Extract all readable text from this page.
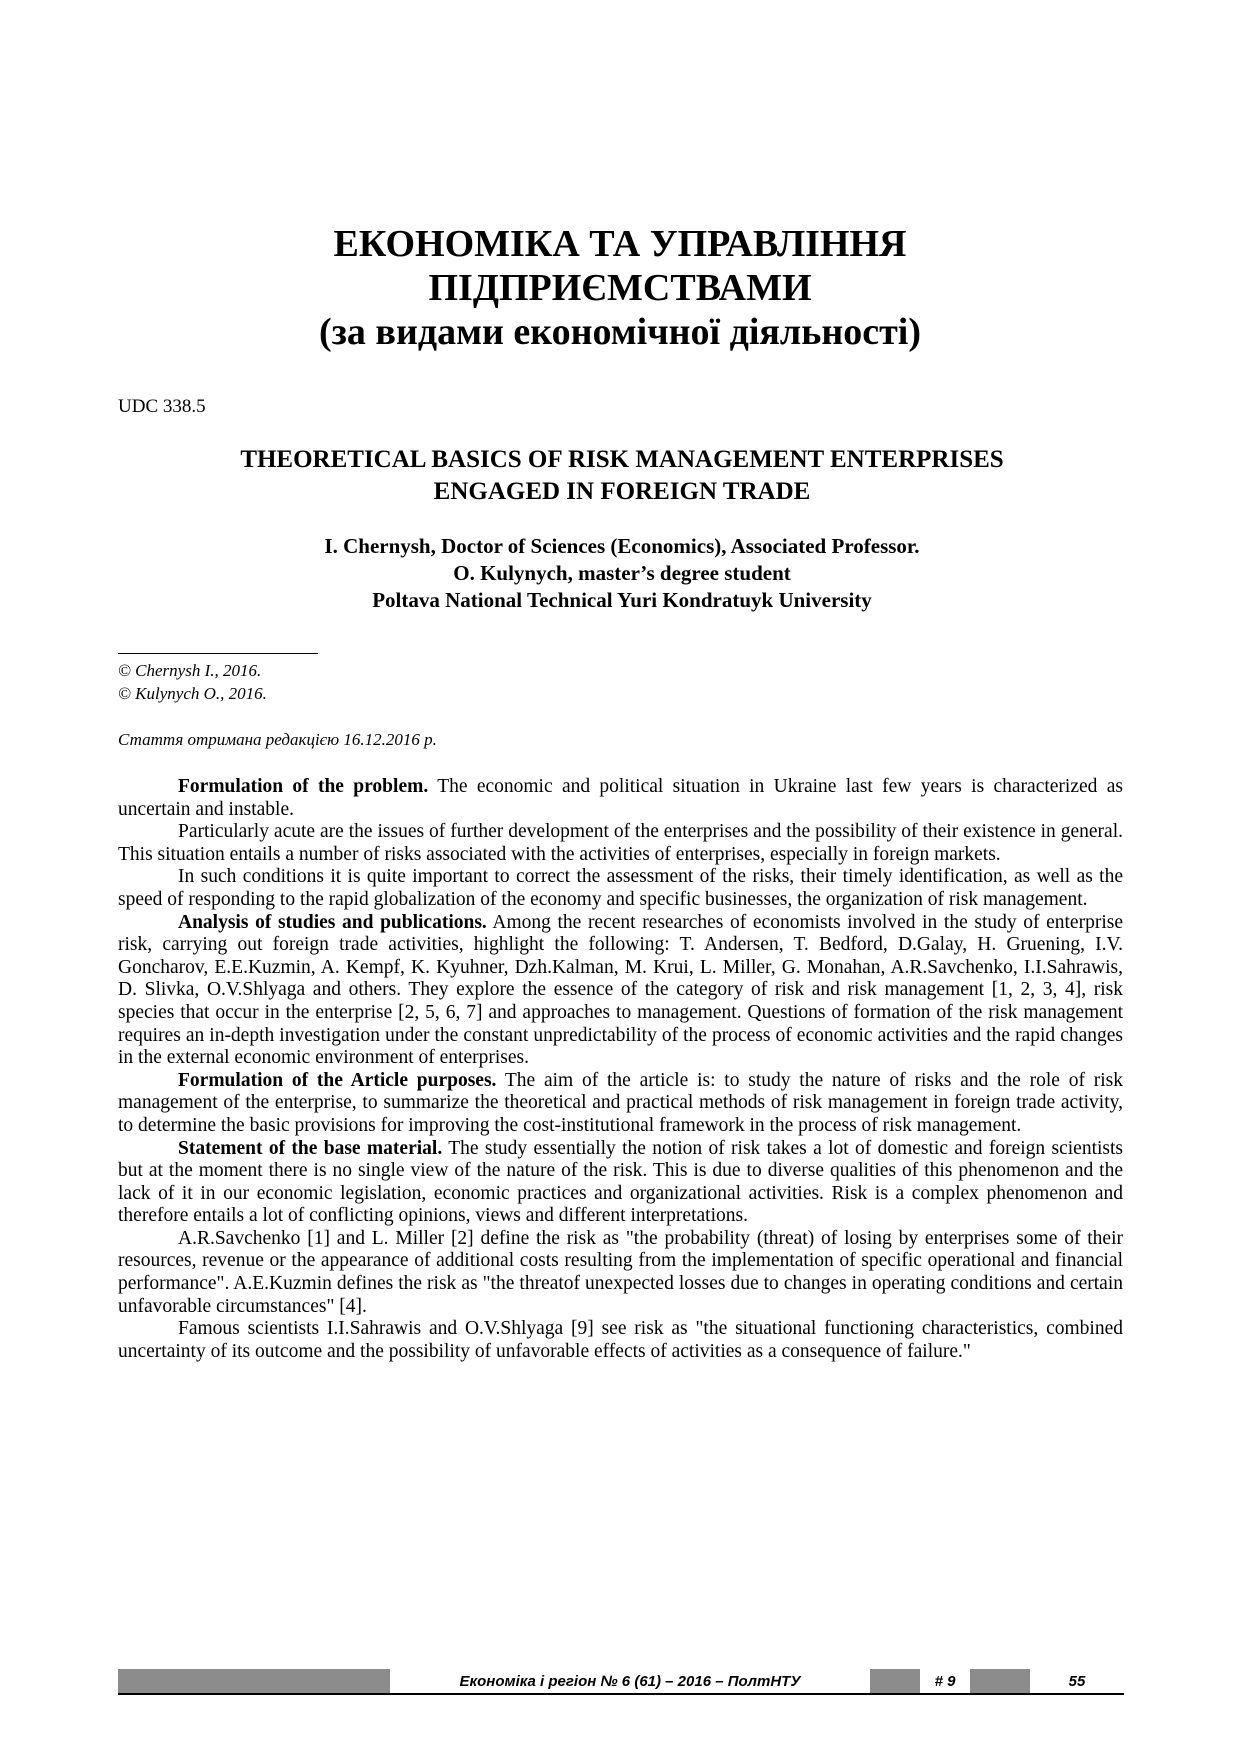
ЕКОНОМІКА ТА УПРАВЛІННЯ
ПІДПРИЄМСТВАМИ
(за видами економічної діяльності)
UDC 338.5
THEORETICAL BASICS OF RISK MANAGEMENT ENTERPRISES
ENGAGED IN FOREIGN TRADE
I. Chernysh, Doctor of Sciences (Economics), Associated Professor.
O. Kulynych, master’s degree student
Poltava National Technical Yuri Kondratuyk University
© Chernysh I., 2016.
© Kulynych O., 2016.
Стаття отримана редакцією 16.12.2016 р.

Formulation of the problem. The economic and political situation in Ukraine last few years is characterized as uncertain and instable.

Particularly acute are the issues of further development of the enterprises and the possibility of their existence in general. This situation entails a number of risks associated with the activities of enterprises, especially in foreign markets.

In such conditions it is quite important to correct the assessment of the risks, their timely identification, as well as the speed of responding to the rapid globalization of the economy and specific businesses, the organization of risk management.

Analysis of studies and publications. Among the recent researches of economists involved in the study of enterprise risk, carrying out foreign trade activities, highlight the following: T. Andersen, T. Bedford, D.Galay, H. Gruening, I.V. Goncharov, E.E.Kuzmin, A. Kempf, K. Kyuhner, Dzh.Kalman, M. Krui, L. Miller, G. Monahan, A.R.Savchenko, I.I.Sahrawis, D. Slivka, O.V.Shlyaga and others. They explore the essence of the category of risk and risk management [1, 2, 3, 4], risk species that occur in the enterprise [2, 5, 6, 7] and approaches to management. Questions of formation of the risk management requires an in-depth investigation under the constant unpredictability of the process of economic activities and the rapid changes in the external economic environment of enterprises.

Formulation of the Article purposes. The aim of the article is: to study the nature of risks and the role of risk management of the enterprise, to summarize the theoretical and practical methods of risk management in foreign trade activity, to determine the basic provisions for improving the cost-institutional framework in the process of risk management.

Statement of the base material. The study essentially the notion of risk takes a lot of domestic and foreign scientists but at the moment there is no single view of the nature of the risk. This is due to diverse qualities of this phenomenon and the lack of it in our economic legislation, economic practices and organizational activities. Risk is a complex phenomenon and therefore entails a lot of conflicting opinions, views and different interpretations.

A.R.Savchenko [1] and L. Miller [2] define the risk as "the probability (threat) of losing by enterprises some of their resources, revenue or the appearance of additional costs resulting from the implementation of specific operational and financial performance". A.E.Kuzmin defines the risk as "the threatof unexpected losses due to changes in operating conditions and certain unfavorable circumstances" [4].

Famous scientists I.I.Sahrawis and O.V.Shlyaga [9] see risk as "the situational functioning characteristics, combined uncertainty of its outcome and the possibility of unfavorable effects of activities as a consequence of failure."

Економіка і регіон № 6 (61) – 2016 – ПолтНТУ	# 9	55
